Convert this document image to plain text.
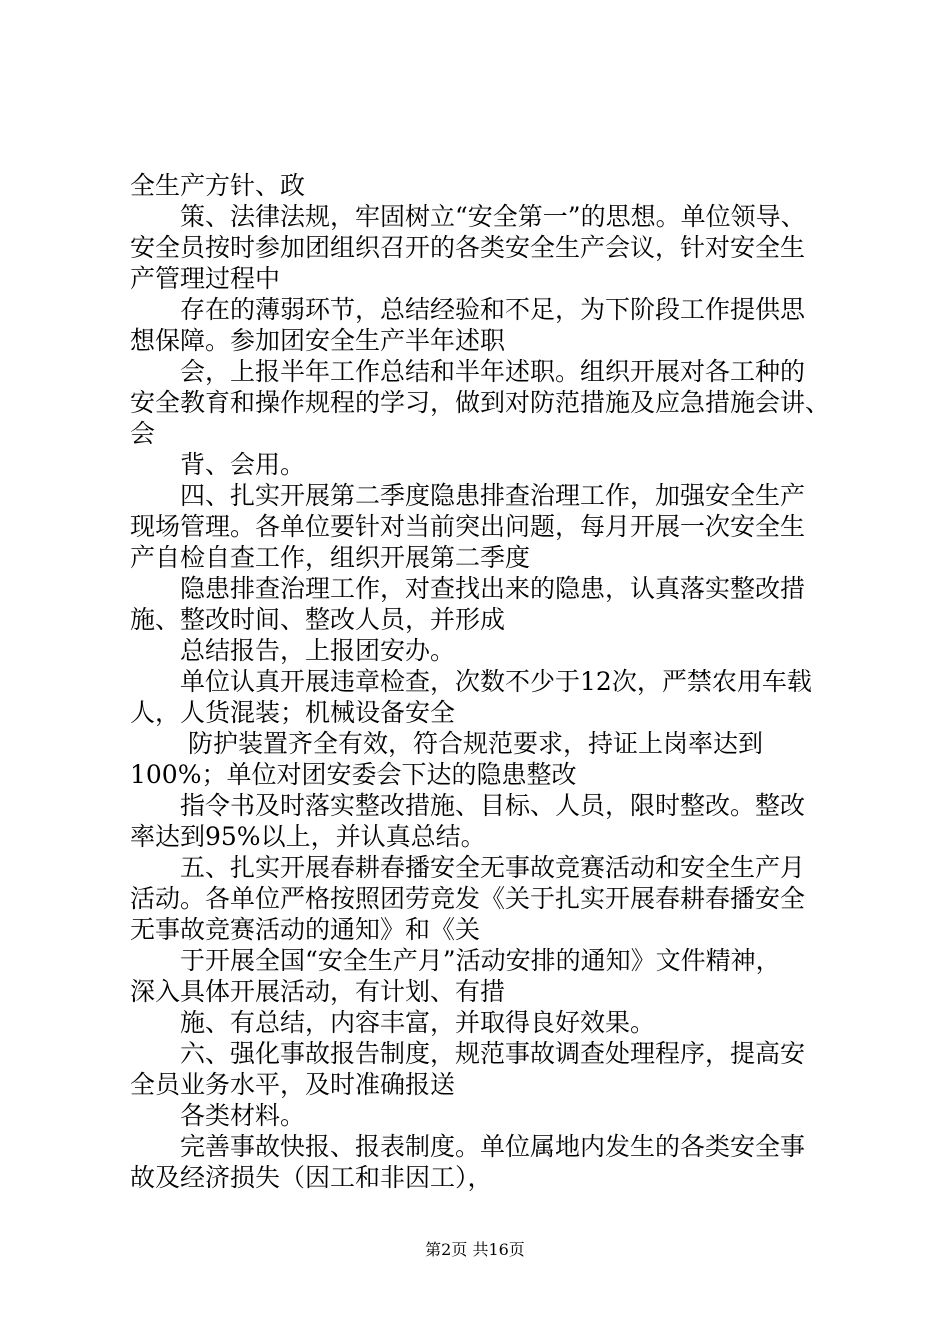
全生产方针、政

　　策、法律法规，牢固树立“安全第一”的思想。单位领导、

安全员按时参加团组织召开的各类安全生产会议，针对安全生

产管理过程中

　　存在的薄弱环节，总结经验和不足，为下阶段工作提供思

想保障。参加团安全生产半年述职

　　会，上报半年工作总结和半年述职。组织开展对各工种的

安全教育和操作规程的学习，做到对防范措施及应急措施会讲、

会

　　背、会用。

　　四、扎实开展第二季度隐患排查治理工作，加强安全生产

现场管理。各单位要针对当前突出问题，每月开展一次安全生

产自检自查工作，组织开展第二季度

　　隐患排查治理工作，对查找出来的隐患，认真落实整改措

施、整改时间、整改人员，并形成

　　总结报告，上报团安办。

　　单位认真开展违章检查，次数不少于12次，严禁农用车载

人，人货混装；机械设备安全

　　 防护装置齐全有效，符合规范要求，持证上岗率达到

100%；单位对团安委会下达的隐患整改

　　指令书及时落实整改措施、目标、人员，限时整改。整改

率达到95%以上，并认真总结。

　　五、扎实开展春耕春播安全无事故竞赛活动和安全生产月

活动。各单位严格按照团劳竞发《关于扎实开展春耕春播安全

无事故竞赛活动的通知》和《关

　　于开展全国“安全生产月”活动安排的通知》文件精神，

深入具体开展活动，有计划、有措

　　施、有总结，内容丰富，并取得良好效果。

　　六、强化事故报告制度，规范事故调查处理程序，提高安

全员业务水平，及时准确报送

　　各类材料。

　　完善事故快报、报表制度。单位属地内发生的各类安全事

故及经济损失（因工和非因工），

第2页 共16页
